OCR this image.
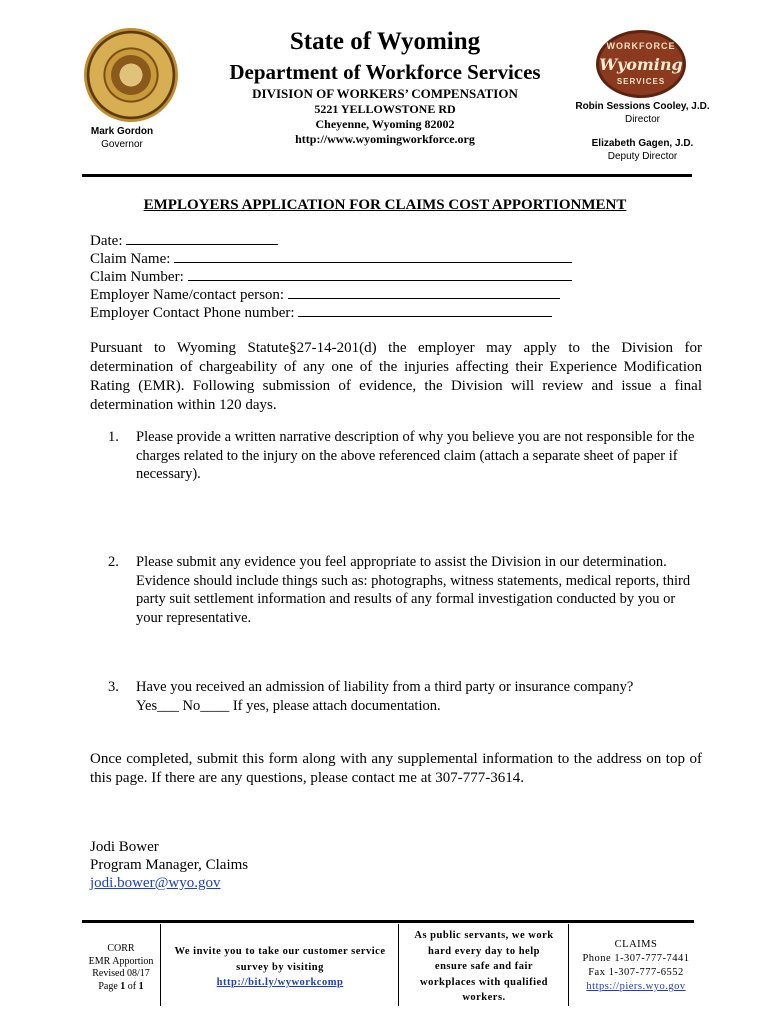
WORKFORCE
Wyoming
SERVICES
State of Wyoming
Department of Workforce Services
DIVISION OF WORKERS’ COMPENSATION
5221 YELLOWSTONE RD
Cheyenne, Wyoming 82002
http://www.wyomingworkforce.org
Mark Gordon
Governor
Robin Sessions Cooley, J.D.
Director
Elizabeth Gagen, J.D.
Deputy Director
EMPLOYERS APPLICATION FOR CLAIMS COST APPORTIONMENT
Date:
Claim Name:
Claim Number:
Employer Name/contact person:
Employer Contact Phone number:
Pursuant to Wyoming Statute§27-14-201(d) the employer may apply to the Division for determination of chargeability of any one of the injuries affecting their Experience Modification Rating (EMR). Following submission of evidence, the Division will review and issue a final determination within 120 days.
1. Please provide a written narrative description of why you believe you are not responsible for the charges related to the injury on the above referenced claim (attach a separate sheet of paper if necessary).
2. Please submit any evidence you feel appropriate to assist the Division in our determination. Evidence should include things such as: photographs, witness statements, medical reports, third party suit settlement information and results of any formal investigation conducted by you or your representative.
3. Have you received an admission of liability from a third party or insurance company?
Yes___ No____ If yes, please attach documentation.
Once completed, submit this form along with any supplemental information to the address on top of this page. If there are any questions, please contact me at 307-777-3614.
Jodi Bower
Program Manager, Claims
jodi.bower@wyo.gov
CORR
EMR Apportion
Revised 08/17
Page 1 of 1
We invite you to take our customer service
survey by visiting
http://bit.ly/wyworkcomp
As public servants, we work
hard every day to help
ensure safe and fair
workplaces with qualified
workers.
CLAIMS
Phone 1-307-777-7441
Fax 1-307-777-6552
https://piers.wyo.gov
